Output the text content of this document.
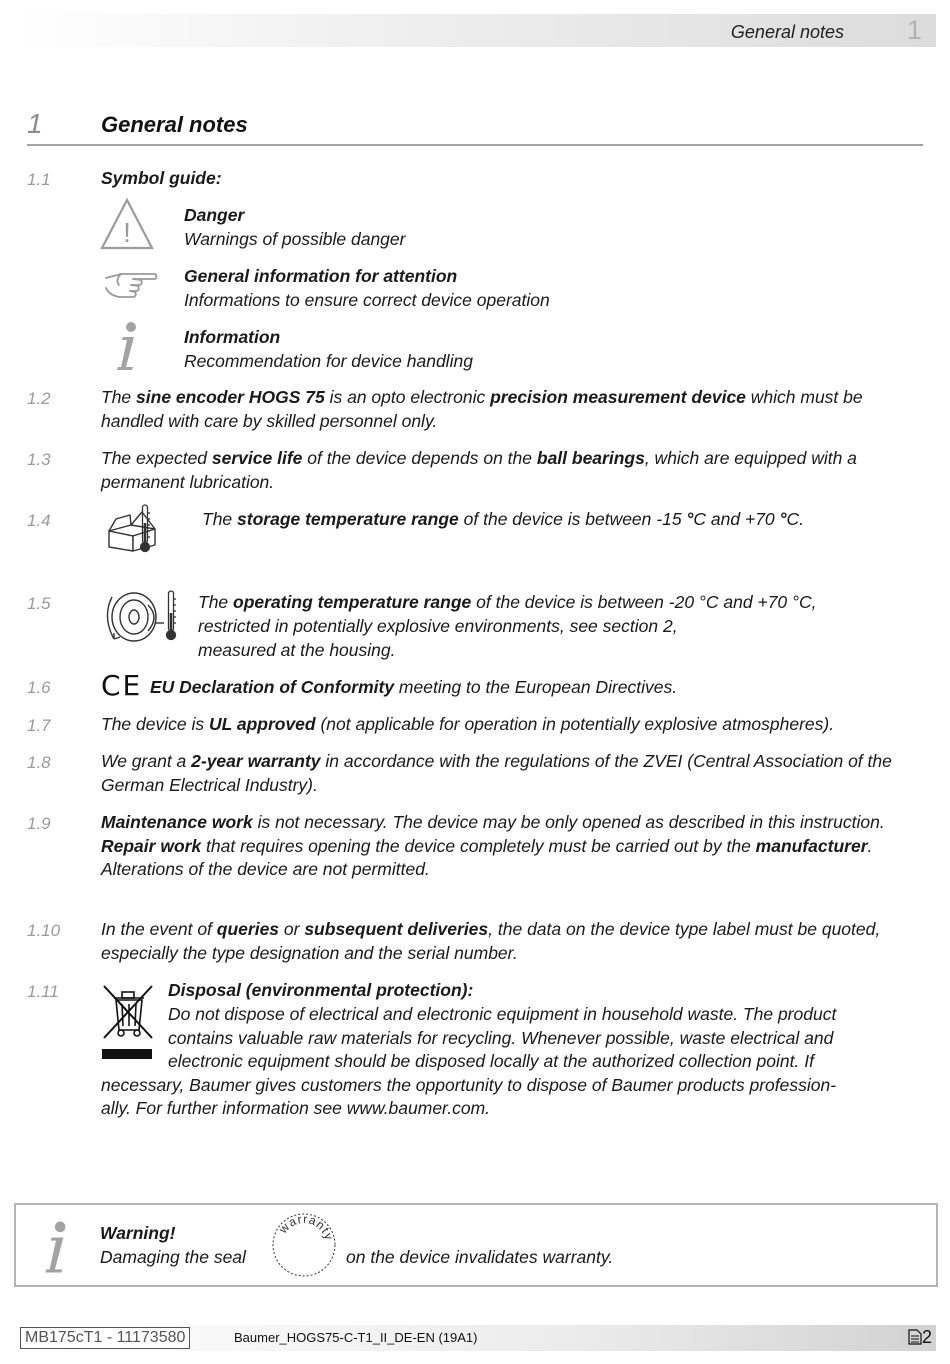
General notes 1
1	General notes
1.1	Symbol guide:
!
Danger
Warnings of possible danger
General information for attention
Informations to ensure correct device operation
Information
Recommendation for device handling
1.2	The sine encoder HOGS 75 is an opto electronic precision measurement device which must be handled with care by skilled personnel only.
1.3	The expected service life of the device depends on the ball bearings, which are equipped with a permanent lubrication.
1.4	The storage temperature range of the device is between -15 °C and +70 °C.
1.5	The operating temperature range of the device is between -20 °C and +70 °C,
restricted in potentially explosive environments, see section 2,
measured at the housing.
1.6 CE EU Declaration of Conformity meeting to the European Directives.
1.7	The device is UL approved (not applicable for operation in potentially explosive atmospheres).
1.8	We grant a 2-year warranty in accordance with the regulations of the ZVEI (Central Association of the German Electrical Industry).
1.9	Maintenance work is not necessary. The device may be only opened as described in this instruction. Repair work that requires opening the device completely must be carried out by the manufacturer. Alterations of the device are not permitted.
1.10 In the event of queries or subsequent deliveries, the data on the device type label must be quoted, especially the type designation and the serial number.
1.11	Disposal (environmental protection):
Do not dispose of electrical and electronic equipment in household waste. The product
contains valuable raw materials for recycling. Whenever possible, waste electrical and
electronic equipment should be disposed locally at the authorized collection point. If
necessary, Baumer gives customers the opportunity to dispose of Baumer products profession-
ally. For further information see www.baumer.com.
Warning!
Damaging the seal
warranty
on the device invalidates warranty.
MB175cT1 - 11173580	Baumer_HOGS75-C-T1_II_DE-EN (19A1)	2
